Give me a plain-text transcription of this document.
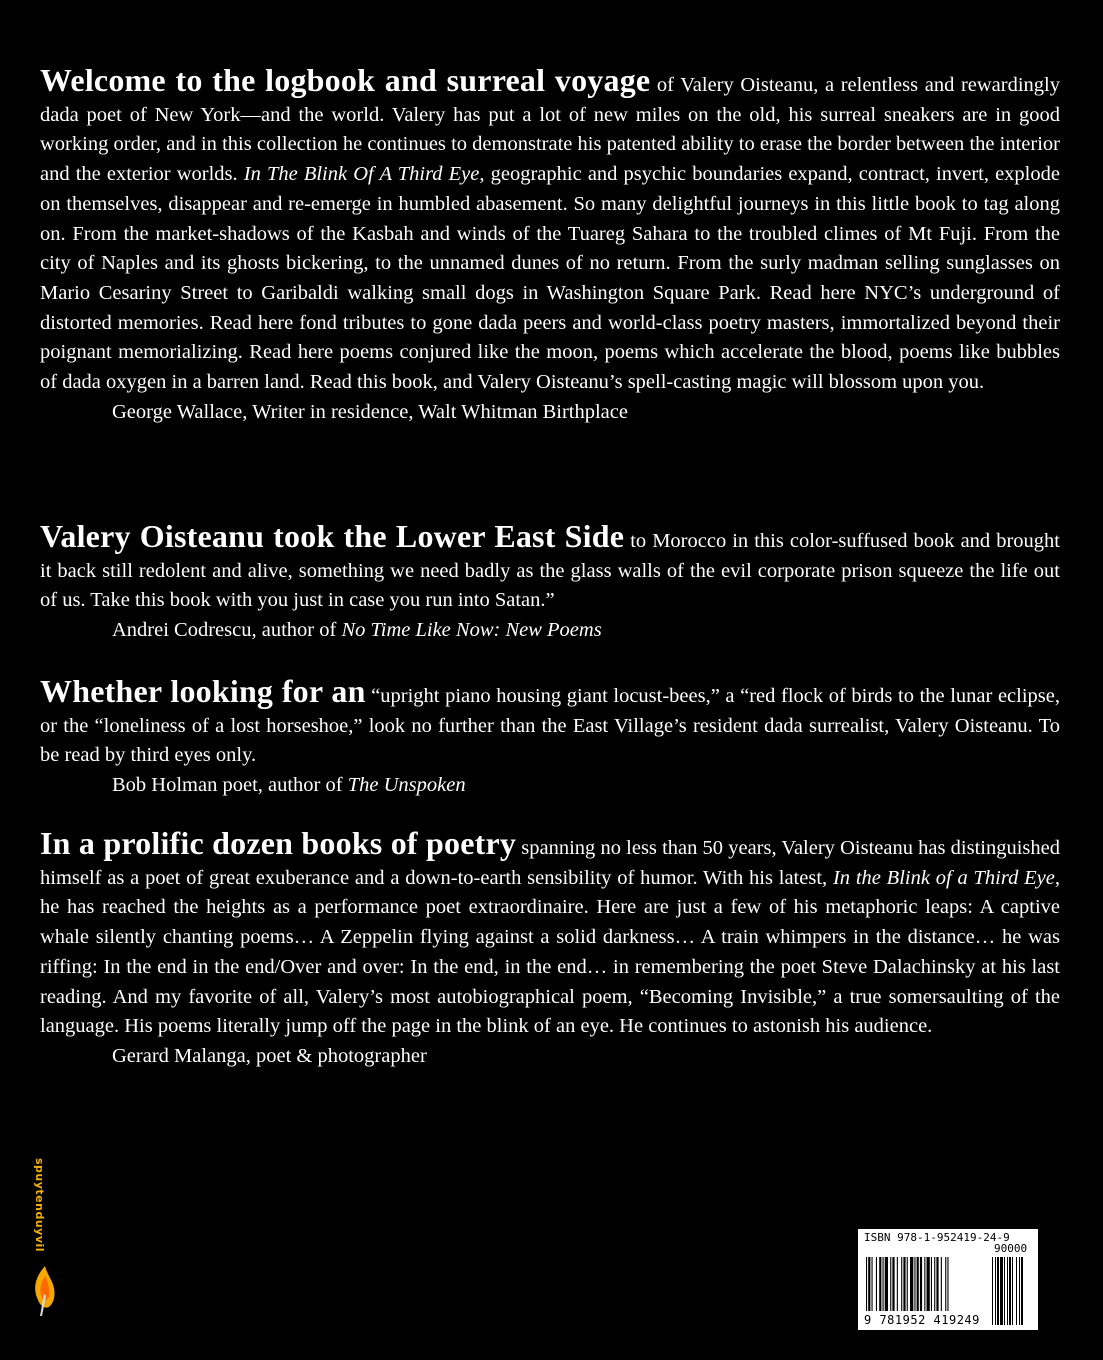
Welcome to the logbook and surreal voyage of Valery Oisteanu, a relentless and rewardingly dada poet of New York—and the world. Valery has put a lot of new miles on the old, his surreal sneakers are in good working order, and in this collection he continues to demonstrate his patented ability to erase the border between the interior and the exterior worlds. In The Blink Of A Third Eye, geographic and psychic boundaries expand, contract, invert, explode on themselves, disappear and re-emerge in humbled abasement. So many delightful journeys in this little book to tag along on. From the market-shadows of the Kasbah and winds of the Tuareg Sahara to the troubled climes of Mt Fuji. From the city of Naples and its ghosts bickering, to the unnamed dunes of no return. From the surly madman selling sunglasses on Mario Cesariny Street to Garibaldi walking small dogs in Washington Square Park. Read here NYC’s underground of distorted memories. Read here fond tributes to gone dada peers and world-class poetry masters, immortalized beyond their poignant memorializing. Read here poems conjured like the moon, poems which accelerate the blood, poems like bubbles of dada oxygen in a barren land. Read this book, and Valery Oisteanu’s spell-casting magic will blossom upon you.

George Wallace, Writer in residence, Walt Whitman Birthplace

Valery Oisteanu took the Lower East Side to Morocco in this color-suffused book and brought it back still redolent and alive, something we need badly as the glass walls of the evil corporate prison squeeze the life out of us. Take this book with you just in case you run into Satan.”

Andrei Codrescu, author of No Time Like Now: New Poems

Whether looking for an “upright piano housing giant locust-bees,” a “red flock of birds to the lunar eclipse, or the “loneliness of a lost horseshoe,” look no further than the East Village’s resident dada surrealist, Valery Oisteanu. To be read by third eyes only.

Bob Holman poet, author of The Unspoken

In a prolific dozen books of poetry spanning no less than 50 years, Valery Oisteanu has distinguished himself as a poet of great exuberance and a down-to-earth sensibility of humor. With his latest, In the Blink of a Third Eye, he has reached the heights as a performance poet extraordinaire. Here are just a few of his metaphoric leaps: A captive whale silently chanting poems… A Zeppelin flying against a solid darkness… A train whimpers in the distance… he was riffing: In the end in the end/Over and over: In the end, in the end… in remembering the poet Steve Dalachinsky at his last reading. And my favorite of all, Valery’s most autobiographical poem, “Becoming Invisible,” a true somersaulting of the language. His poems literally jump off the page in the blink of an eye. He continues to astonish his audience.

Gerard Malanga, poet & photographer

spuytenduyvil	ISBN 978-1-952419-24-9
90000
9 781952 419249
